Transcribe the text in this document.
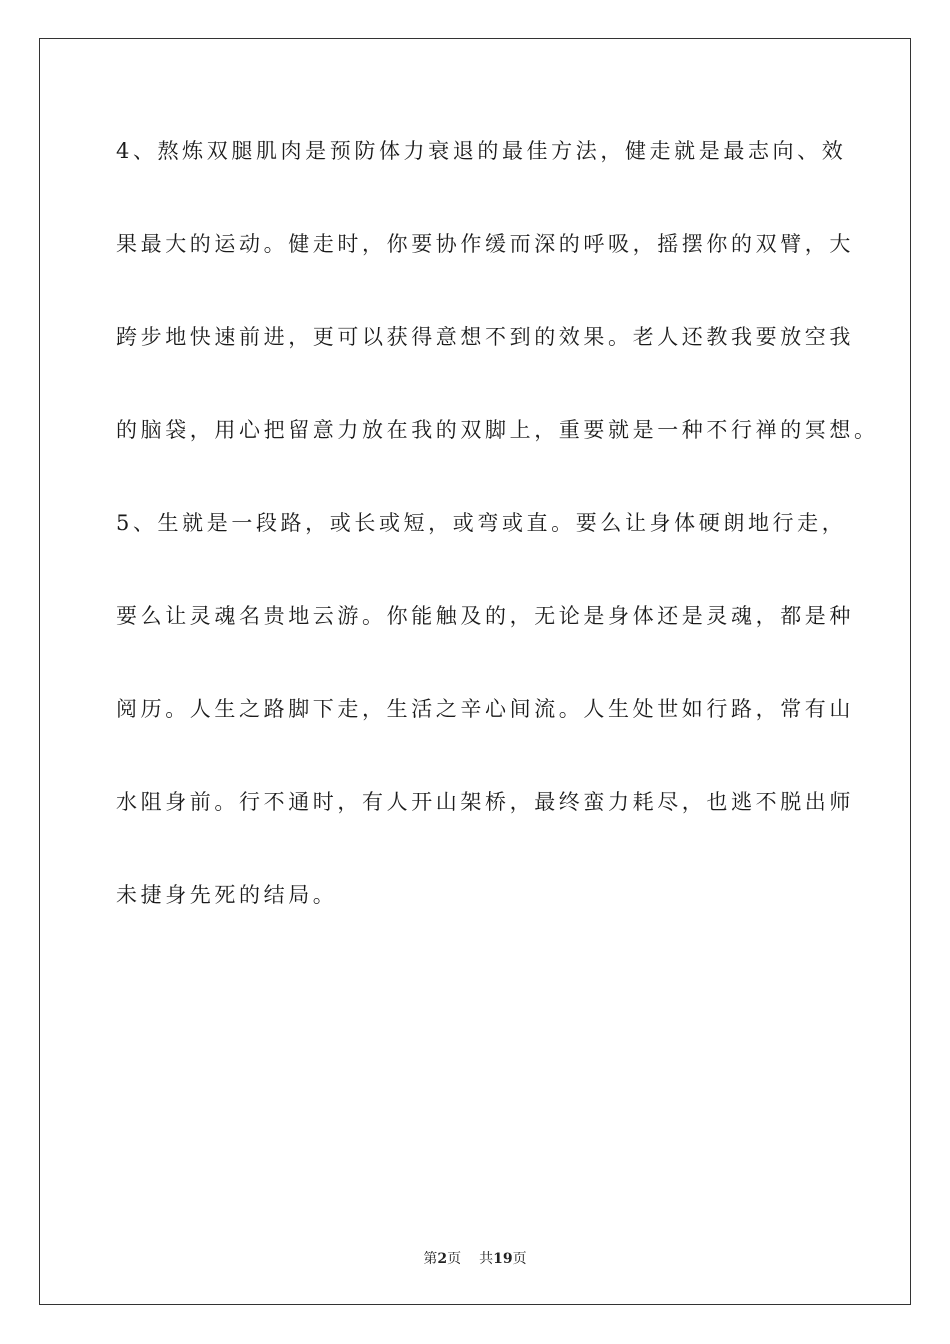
4、熬炼双腿肌肉是预防体力衰退的最佳方法，健走就是最志向、效
果最大的运动。健走时，你要协作缓而深的呼吸，摇摆你的双臂，大
跨步地快速前进，更可以获得意想不到的效果。老人还教我要放空我
的脑袋，用心把留意力放在我的双脚上，重要就是一种不行禅的冥想。
5、生就是一段路，或长或短，或弯或直。要么让身体硬朗地行走，
要么让灵魂名贵地云游。你能触及的，无论是身体还是灵魂，都是种
阅历。人生之路脚下走，生活之辛心间流。人生处世如行路，常有山
水阻身前。行不通时，有人开山架桥，最终蛮力耗尽，也逃不脱出师
未捷身先死的结局。
第2页 共19页
